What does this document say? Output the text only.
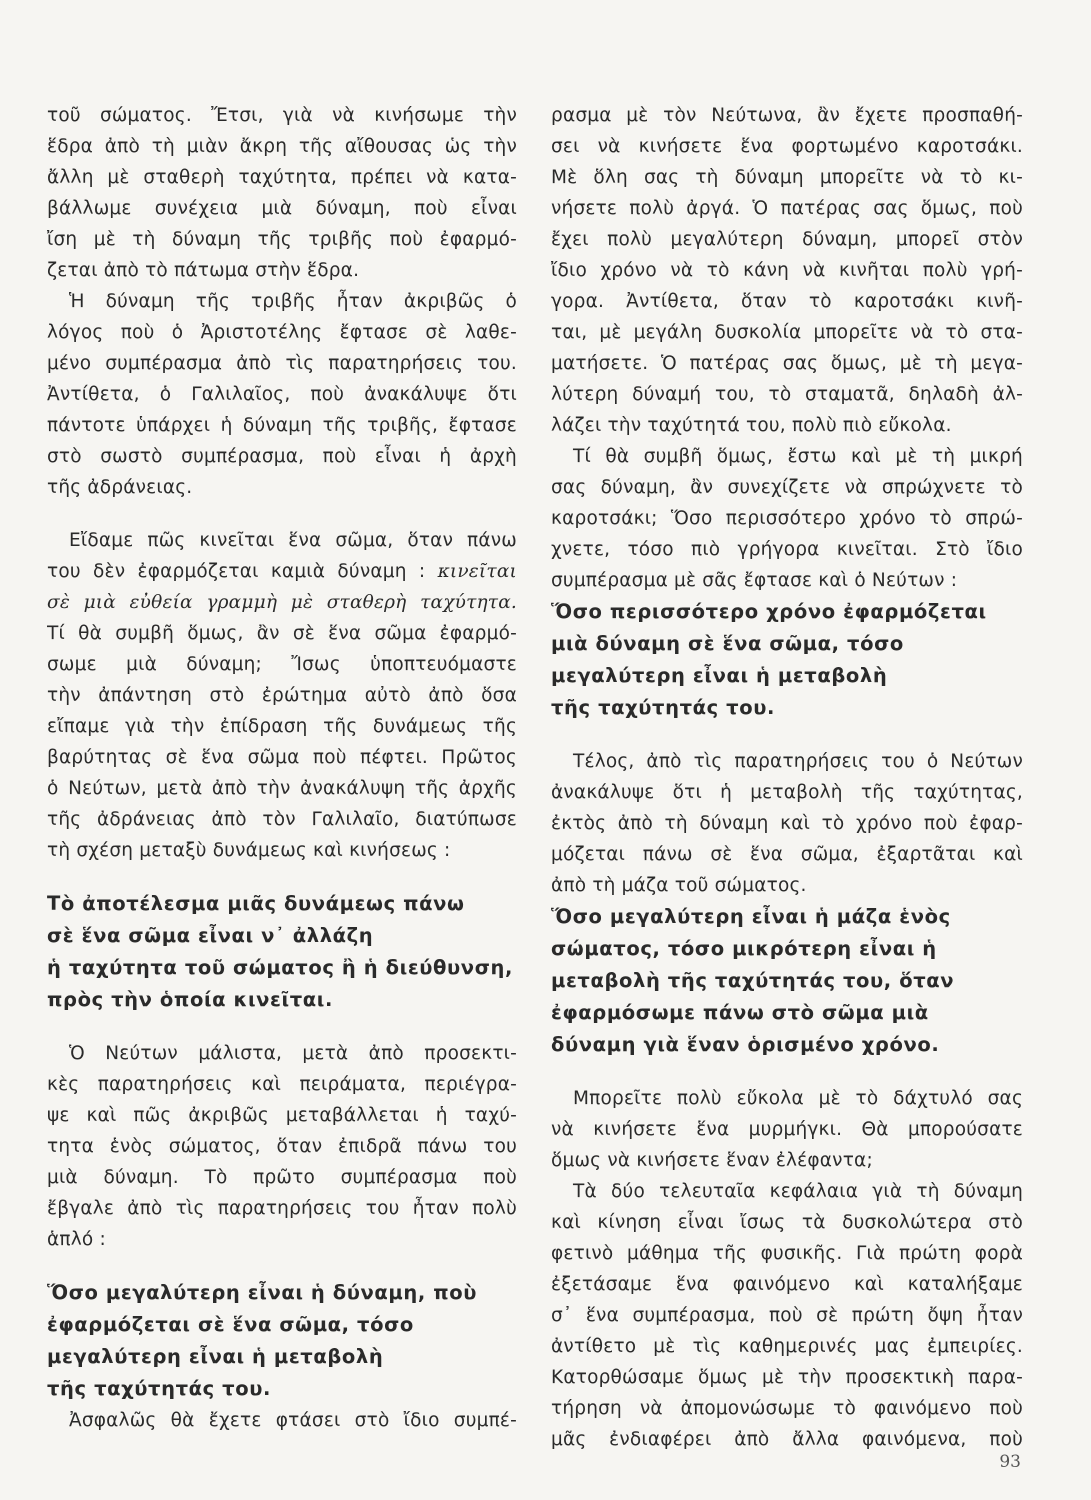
τοῦ σώματος. Ἔτσι, γιὰ νὰ κινήσωμε τὴν
ἕδρα ἀπὸ τὴ μιὰν ἄκρη τῆς αἴθουσας ὡς τὴν
ἄλλη μὲ σταθερὴ ταχύτητα, πρέπει νὰ κατα-
βάλλωμε συνέχεια μιὰ δύναμη, ποὺ εἶναι
ἴση μὲ τὴ δύναμη τῆς τριβῆς ποὺ ἐφαρμό-
ζεται ἀπὸ τὸ πάτωμα στὴν ἕδρα.
Ἡ δύναμη τῆς τριβῆς ἦταν ἀκριβῶς ὁ
λόγος ποὺ ὁ Ἀριστοτέλης ἔφτασε σὲ λαθε-
μένο συμπέρασμα ἀπὸ τὶς παρατηρήσεις του.
Ἀντίθετα, ὁ Γαλιλαῖος, ποὺ ἀνακάλυψε ὅτι
πάντοτε ὑπάρχει ἡ δύναμη τῆς τριβῆς, ἔφτασε
στὸ σωστὸ συμπέρασμα, ποὺ εἶναι ἡ ἀρχὴ
τῆς ἀδράνειας.
Εἴδαμε πῶς κινεῖται ἕνα σῶμα, ὅταν πάνω
του δὲν ἐφαρμόζεται καμιὰ δύναμη : κινεῖται
σὲ μιὰ εὐθεία γραμμὴ μὲ σταθερὴ ταχύτητα.
Τί θὰ συμβῆ ὅμως, ἂν σὲ ἕνα σῶμα ἐφαρμό-
σωμε μιὰ δύναμη; Ἴσως ὑποπτευόμαστε
τὴν ἀπάντηση στὸ ἐρώτημα αὐτὸ ἀπὸ ὅσα
εἴπαμε γιὰ τὴν ἐπίδραση τῆς δυνάμεως τῆς
βαρύτητας σὲ ἕνα σῶμα ποὺ πέφτει. Πρῶτος
ὁ Νεύτων, μετὰ ἀπὸ τὴν ἀνακάλυψη τῆς ἀρχῆς
τῆς ἀδράνειας ἀπὸ τὸν Γαλιλαῖο, διατύπωσε
τὴ σχέση μεταξὺ δυνάμεως καὶ κινήσεως :
Τὸ ἀποτέλεσμα μιᾶς δυνάμεως πάνω
σὲ ἕνα σῶμα εἶναι ν᾽ ἀλλάζη
ἡ ταχύτητα τοῦ σώματος ἢ ἡ διεύθυνση,
πρὸς τὴν ὁποία κινεῖται.
Ὁ Νεύτων μάλιστα, μετὰ ἀπὸ προσεκτι-
κὲς παρατηρήσεις καὶ πειράματα, περιέγρα-
ψε καὶ πῶς ἀκριβῶς μεταβάλλεται ἡ ταχύ-
τητα ἑνὸς σώματος, ὅταν ἐπιδρᾶ πάνω του
μιὰ δύναμη. Τὸ πρῶτο συμπέρασμα ποὺ
ἔβγαλε ἀπὸ τὶς παρατηρήσεις του ἦταν πολὺ
ἁπλό :
Ὅσο μεγαλύτερη εἶναι ἡ δύναμη, ποὺ
ἐφαρμόζεται σὲ ἕνα σῶμα, τόσο
μεγαλύτερη εἶναι ἡ μεταβολὴ
τῆς ταχύτητάς του.
Ἀσφαλῶς θὰ ἔχετε φτάσει στὸ ἴδιο συμπέ-
ρασμα μὲ τὸν Νεύτωνα, ἂν ἔχετε προσπαθή-
σει νὰ κινήσετε ἕνα φορτωμένο καροτσάκι.
Μὲ ὅλη σας τὴ δύναμη μπορεῖτε νὰ τὸ κι-
νήσετε πολὺ ἀργά. Ὁ πατέρας σας ὅμως, ποὺ
ἔχει πολὺ μεγαλύτερη δύναμη, μπορεῖ στὸν
ἴδιο χρόνο νὰ τὸ κάνη νὰ κινῆται πολὺ γρή-
γορα. Ἀντίθετα, ὅταν τὸ καροτσάκι κινῆ-
ται, μὲ μεγάλη δυσκολία μπορεῖτε νὰ τὸ στα-
ματήσετε. Ὁ πατέρας σας ὅμως, μὲ τὴ μεγα-
λύτερη δύναμή του, τὸ σταματᾶ, δηλαδὴ ἀλ-
λάζει τὴν ταχύτητά του, πολὺ πιὸ εὔκολα.
Τί θὰ συμβῆ ὅμως, ἔστω καὶ μὲ τὴ μικρή
σας δύναμη, ἂν συνεχίζετε νὰ σπρώχνετε τὸ
καροτσάκι; Ὅσο περισσότερο χρόνο τὸ σπρώ-
χνετε, τόσο πιὸ γρήγορα κινεῖται. Στὸ ἴδιο
συμπέρασμα μὲ σᾶς ἔφτασε καὶ ὁ Νεύτων :
Ὅσο περισσότερο χρόνο ἐφαρμόζεται
μιὰ δύναμη σὲ ἕνα σῶμα, τόσο
μεγαλύτερη εἶναι ἡ μεταβολὴ
τῆς ταχύτητάς του.
Τέλος, ἀπὸ τὶς παρατηρήσεις του ὁ Νεύτων
ἀνακάλυψε ὅτι ἡ μεταβολὴ τῆς ταχύτητας,
ἐκτὸς ἀπὸ τὴ δύναμη καὶ τὸ χρόνο ποὺ ἐφαρ-
μόζεται πάνω σὲ ἕνα σῶμα, ἐξαρτᾶται καὶ
ἀπὸ τὴ μάζα τοῦ σώματος.
Ὅσο μεγαλύτερη εἶναι ἡ μάζα ἑνὸς
σώματος, τόσο μικρότερη εἶναι ἡ
μεταβολὴ τῆς ταχύτητάς του, ὅταν
ἐφαρμόσωμε πάνω στὸ σῶμα μιὰ
δύναμη γιὰ ἕναν ὁρισμένο χρόνο.
Μπορεῖτε πολὺ εὔκολα μὲ τὸ δάχτυλό σας
νὰ κινήσετε ἕνα μυρμήγκι. Θὰ μπορούσατε
ὅμως νὰ κινήσετε ἕναν ἐλέφαντα;
Τὰ δύο τελευταῖα κεφάλαια γιὰ τὴ δύναμη
καὶ κίνηση εἶναι ἴσως τὰ δυσκολώτερα στὸ
φετινὸ μάθημα τῆς φυσικῆς. Γιὰ πρώτη φορὰ
ἐξετάσαμε ἕνα φαινόμενο καὶ καταλήξαμε
σ᾽ ἕνα συμπέρασμα, ποὺ σὲ πρώτη ὄψη ἦταν
ἀντίθετο μὲ τὶς καθημερινές μας ἐμπειρίες.
Κατορθώσαμε ὅμως μὲ τὴν προσεκτικὴ παρα-
τήρηση νὰ ἀπομονώσωμε τὸ φαινόμενο ποὺ
μᾶς ἐνδιαφέρει ἀπὸ ἄλλα φαινόμενα, ποὺ
93
